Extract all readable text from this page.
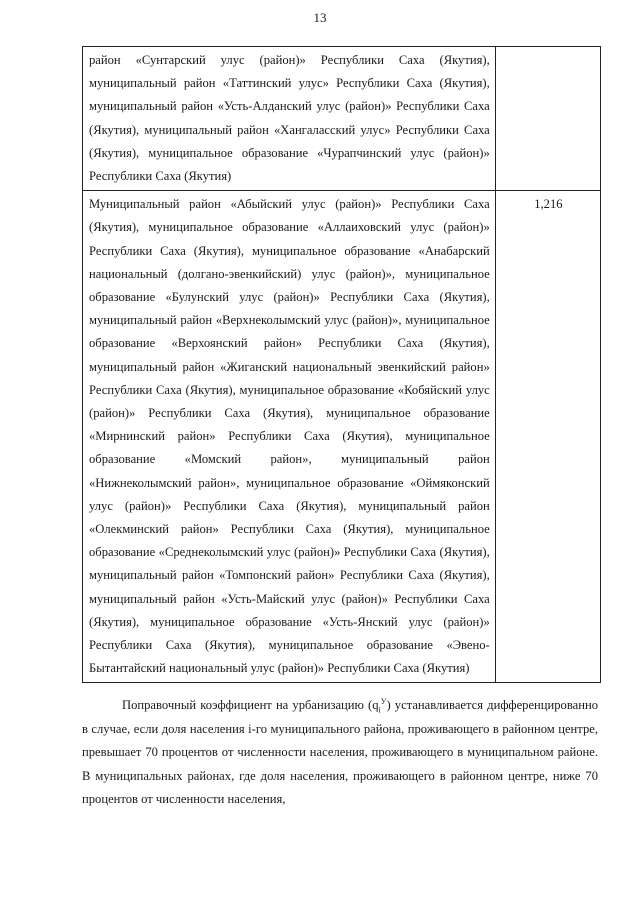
13
район «Сунтарский улус (район)» Республики Саха (Якутия), муниципальный район «Таттинский улус» Республики Саха (Якутия), муниципальный район «Усть-Алданский улус (район)» Республики Саха (Якутия), муниципальный район «Хангаласский улус» Республики Саха (Якутия), муниципальное образование «Чурапчинский улус (район)» Республики Саха (Якутия)	
Муниципальный район «Абыйский улус (район)» Республики Саха (Якутия), муниципальное образование «Аллаиховский улус (район)» Республики Саха (Якутия), муниципальное образование «Анабарский национальный (долгано-эвенкийский) улус (район)», муниципальное образование «Булунский улус (район)» Республики Саха (Якутия), муниципальный район «Верхнеколымский улус (район)», муниципальное образование «Верхоянский район» Республики Саха (Якутия), муниципальный район «Жиганский национальный эвенкийский район» Республики Саха (Якутия), муниципальное образование «Кобяйский улус (район)» Республики Саха (Якутия), муниципальное образование «Мирнинский район» Республики Саха (Якутия), муниципальное образование «Момский район», муниципальный район «Нижнеколымский район», муниципальное образование «Оймяконский улус (район)» Республики Саха (Якутия), муниципальный район «Олекминский район» Республики Саха (Якутия), муниципальное образование «Среднеколымский улус (район)» Республики Саха (Якутия), муниципальный район «Томпонский район» Республики Саха (Якутия), муниципальный район «Усть-Майский улус (район)» Республики Саха (Якутия), муниципальное образование «Усть-Янский улус (район)» Республики Саха (Якутия), муниципальное образование «Эвено-Бытантайский национальный улус (район)» Республики Саха (Якутия)	1,216

Поправочный коэффициент на урбанизацию $(q_i^У)$ устанавливается дифференцированно в случае, если доля населения i-го муниципального района, проживающего в районном центре, превышает 70 процентов от численности населения, проживающего в муниципальном районе. В муниципальных районах, где доля населения, проживающего в районном центре, ниже 70 процентов от численности населения,
